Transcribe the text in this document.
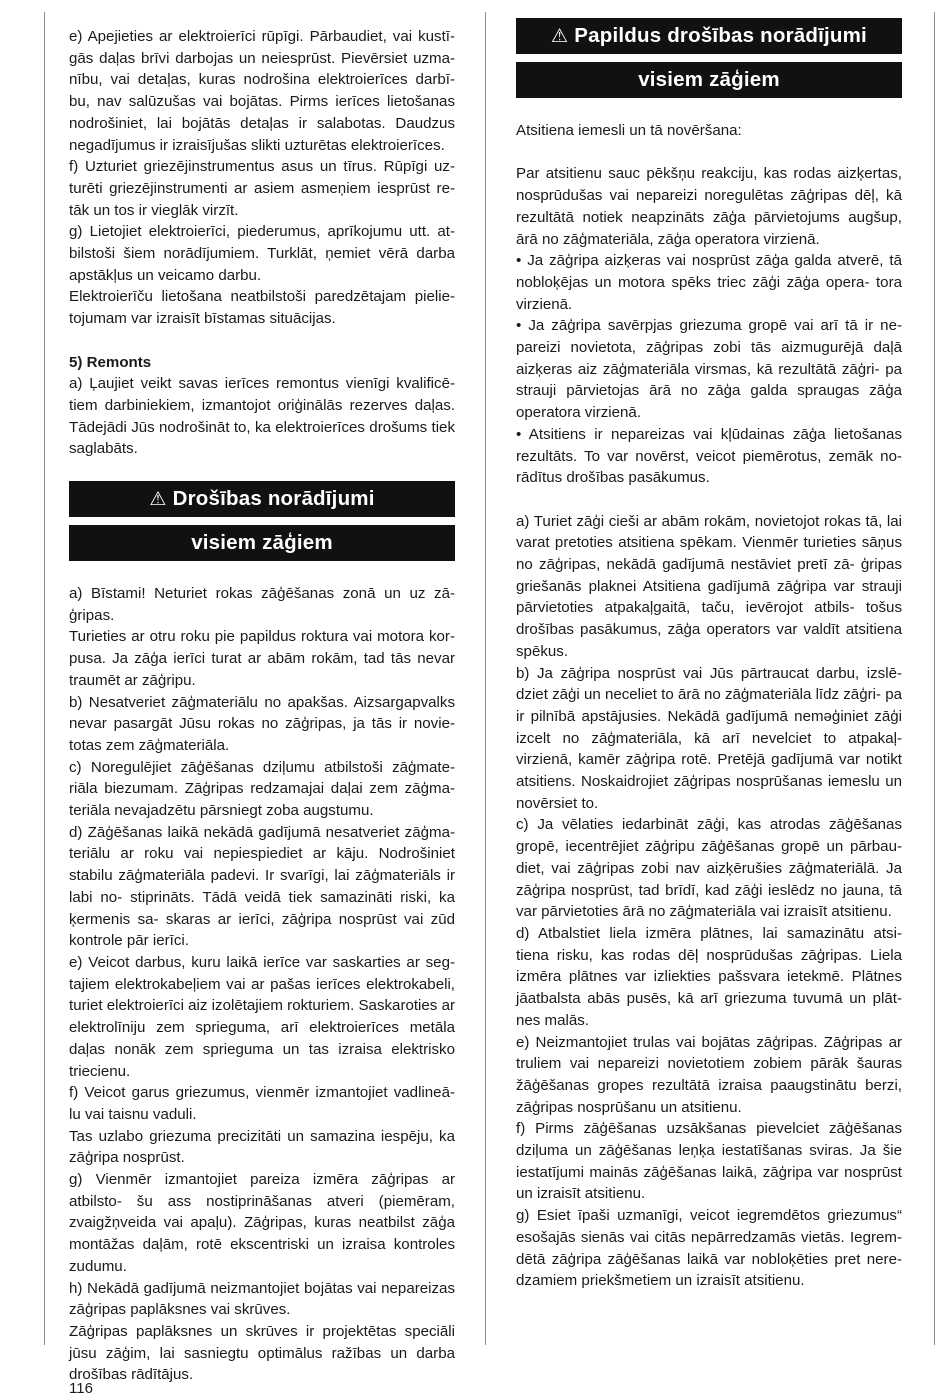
e) Apejieties ar elektroierīci rūpīgi. Pārbaudiet, vai kustī- gās daļas brīvi darbojas un neiesprūst. Pievērsiet uzma- nību, vai detaļas, kuras nodrošina elektroierīces darbī- bu, nav salūzušas vai bojātas. Pirms ierīces lietošanas nodrošiniet, lai bojātās detaļas ir salabotas. Daudzus negadījumus ir izraisījušas slikti uzturētas elektroierīces.

f) Uzturiet griezējinstrumentus asus un tīrus. Rūpīgi uz- turēti griezējinstrumenti ar asiem asmeņiem iesprūst re- tāk un tos ir vieglāk virzīt.

g) Lietojiet elektroierīci, piederumus, aprīkojumu utt. at- bilstoši šiem norādījumiem. Turklāt, ņemiet vērā darba apstākļus un veicamo darbu.

Elektroierīču lietošana neatbilstoši paredzētajam pielie- tojumam var izraisīt bīstamas situācijas.

5) Remonts

a) Ļaujiet veikt savas ierīces remontus vienīgi kvalificē- tiem darbiniekiem, izmantojot oriģinālās rezerves daļas. Tādejādi Jūs nodrošināt to, ka elektroierīces drošums tiek saglabāts.

⚠ Drošības norādījumi
visiem zāģiem

a) Bīstami! Neturiet rokas zāģēšanas zonā un uz zā- ģripas.

Turieties ar otru roku pie papildus roktura vai motora kor- pusa. Ja zāģa ierīci turat ar abām rokām, tad tās nevar traumēt ar zāģripu.

b) Nesatveriet zāģmateriālu no apakšas. Aizsargapvalks nevar pasargāt Jūsu rokas no zāģripas, ja tās ir novie- totas zem zāģmateriāla.

c) Noregulējiet zāģēšanas dziļumu atbilstoši zāģmate- riāla biezumam. Zāģripas redzamajai daļai zem zāģma- teriāla nevajadzētu pārsniegt zoba augstumu.

d) Zāģēšanas laikā nekādā gadījumā nesatveriet zāģma- teriālu ar roku vai nepiespiediet ar kāju. Nodrošiniet stabilu zāģmateriāla padevi. Ir svarīgi, lai zāģmateriāls ir labi no- stiprināts. Tādā veidā tiek samazināti riski, ka ķermenis sa- skaras ar ierīci, zāģripa nosprūst vai zūd kontrole pār ierīci.

e) Veicot darbus, kuru laikā ierīce var saskarties ar seg- tajiem elektrokabeļiem vai ar pašas ierīces elektrokabeli, turiet elektroierīci aiz izolētajiem rokturiem. Saskaroties ar elektrolīniju zem sprieguma, arī elektroierīces metāla daļas nonāk zem sprieguma un tas izraisa elektrisko triecienu.

f) Veicot garus griezumus, vienmēr izmantojiet vadlineā- lu vai taisnu vaduli.

Tas uzlabo griezuma precizitāti un samazina iespēju, ka zāģripa nosprūst.

g) Vienmēr izmantojiet pareiza izmēra zāģripas ar atbilsto- šu ass nostiprināšanas atveri (piemēram, zvaigžņveida vai apaļu). Zāģripas, kuras neatbilst zāģa montāžas daļām, rotē ekscentriski un izraisa kontroles zudumu.

h) Nekādā gadījumā neizmantojiet bojātas vai nepareizas zāģripas paplāksnes vai skrūves.

Zāģripas paplāksnes un skrūves ir projektētas speciāli jūsu zāģim, lai sasniegtu optimālus ražības un darba drošības rādītājus.

⚠ Papildus drošības norādījumi
visiem zāģiem

Atsitiena iemesli un tā novēršana:

Par atsitienu sauc pēkšņu reakciju, kas rodas aizķertas, nosprūdušas vai nepareizi noregulētas zāģripas dēļ, kā rezultātā notiek neapzināts zāģa pārvietojums augšup, ārā no zāģmateriāla, zāģa operatora virzienā.

• Ja zāģripa aizķeras vai nosprūst zāģa galda atverē, tā nobloķējas un motora spēks triec zāģi zāģa opera- tora virzienā.

• Ja zāģripa savērpjas griezuma gropē vai arī tā ir ne- pareizi novietota, zāģripas zobi tās aizmugurējā daļā aizķeras aiz zāģmateriāla virsmas, kā rezultātā zāģri- pa strauji pārvietojas ārā no zāģa galda spraugas zāģa operatora virzienā.

• Atsitiens ir nepareizas vai kļūdainas zāģa lietošanas rezultāts. To var novērst, veicot piemērotus, zemāk no- rādītus drošības pasākumus.

a) Turiet zāģi cieši ar abām rokām, novietojot rokas tā, lai varat pretoties atsitiena spēkam. Vienmēr turieties sāņus no zāģripas, nekādā gadījumā nestāviet pretī zā- ģripas griešanās plaknei Atsitiena gadījumā zāģripa var strauji pārvietoties atpakaļgaitā, taču, ievērojot atbils- tošus drošības pasākumus, zāģa operators var valdīt atsitiena spēkus.

b) Ja zāģripa nosprūst vai Jūs pārtraucat darbu, izslē- dziet zāģi un neceliet to ārā no zāģmateriāla līdz zāģri- pa ir pilnībā apstājusies. Nekādā gadījumā neməģiniet zāģi izcelt no zāģmateriāla, kā arī nevelciet to atpakaļ- virzienā, kamēr zāģripa rotē. Pretējā gadījumā var notikt atsitiens. Noskaidrojiet zāģripas nosprūšanas iemeslu un novērsiet to.

c) Ja vēlaties iedarbināt zāģi, kas atrodas zāģēšanas gropē, iecentrējiet zāģripu zāģēšanas gropē un pārbau- diet, vai zāģripas zobi nav aizķērušies zāģmateriālā. Ja zāģripa nosprūst, tad brīdī, kad zāģi ieslēdz no jauna, tā var pārvietoties ārā no zāģmateriāla vai izraisīt atsitienu.

d) Atbalstiet liela izmēra plātnes, lai samazinātu atsi- tiena risku, kas rodas dēļ nosprūdušas zāģripas. Liela izmēra plātnes var izliekties pašsvara ietekmē. Plātnes jāatbalsta abās pusēs, kā arī griezuma tuvumā un plāt- nes malās.

e) Neizmantojiet trulas vai bojātas zāģripas. Zāģripas ar truliem vai nepareizi novietotiem zobiem pārāk šauras žāģēšanas gropes rezultātā izraisa paaugstinātu berzi, zāģripas nosprūšanu un atsitienu.

f) Pirms zāģēšanas uzsākšanas pievelciet zāģēšanas dziļuma un zāģēšanas leņķa iestatīšanas sviras. Ja šie iestatījumi mainās zāģēšanas laikā, zāģripa var nosprūst un izraisīt atsitienu.

g) Esiet īpaši uzmanīgi, veicot iegremdētos griezumus“ esošajās sienās vai citās nepārredzamās vietās. Iegrem- dētā zāģripa zāģēšanas laikā var nobloķēties pret nere- dzamiem priekšmetiem un izraisīt atsitienu.

116
